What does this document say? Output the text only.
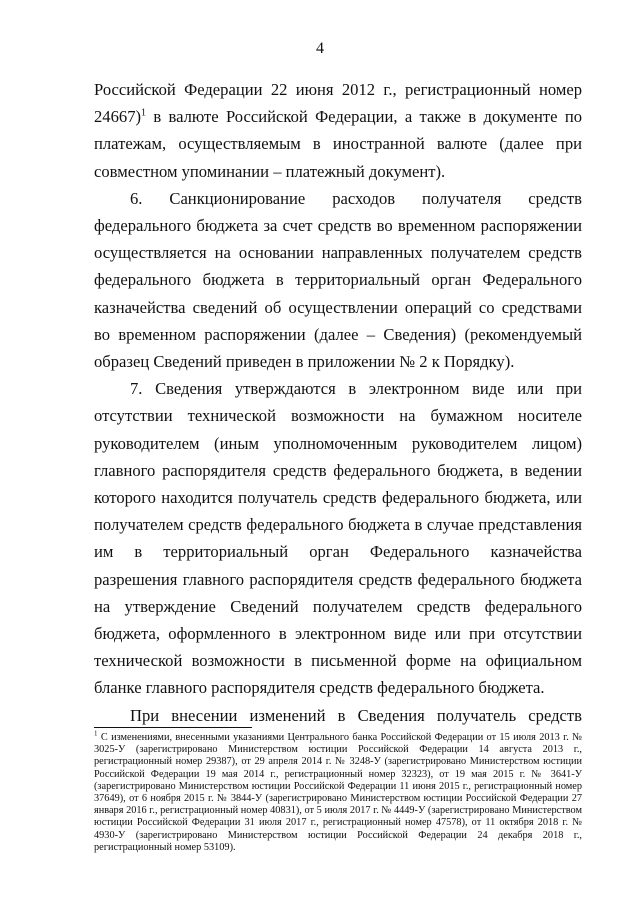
4

Российской Федерации 22 июня 2012 г., регистрационный номер 24667)$^1$ в валюте Российской Федерации, а также в документе по платежам, осуществляемым в иностранной валюте (далее при совместном упоминании – платежный документ).

6. Санкционирование расходов получателя средств федерального бюджета за счет средств во временном распоряжении осуществляется на основании направленных получателем средств федерального бюджета в территориальный орган Федерального казначейства сведений об осуществлении операций со средствами во временном распоряжении (далее – Сведения) (рекомендуемый образец Сведений приведен в приложении № 2 к Порядку).

7. Сведения утверждаются в электронном виде или при отсутствии технической возможности на бумажном носителе руководителем (иным уполномоченным руководителем лицом) главного распорядителя средств федерального бюджета, в ведении которого находится получатель средств федерального бюджета, или получателем средств федерального бюджета в случае представления им в территориальный орган Федерального казначейства разрешения главного распорядителя средств федерального бюджета на утверждение Сведений получателем средств федерального бюджета, оформленного в электронном виде или при отсутствии технической возможности в письменной форме на официальном бланке главного распорядителя средств федерального бюджета.

При внесении изменений в Сведения получатель средств

$^1$ С изменениями, внесенными указаниями Центрального банка Российской Федерации от 15 июля 2013 г. № 3025-У (зарегистрировано Министерством юстиции Российской Федерации 14 августа 2013 г., регистрационный номер 29387), от 29 апреля 2014 г. № 3248-У (зарегистрировано Министерством юстиции Российской Федерации 19 мая 2014 г., регистрационный номер 32323), от 19 мая 2015 г. № 3641-У (зарегистрировано Министерством юстиции Российской Федерации 11 июня 2015 г., регистрационный номер 37649), от 6 ноября 2015 г. № 3844-У (зарегистрировано Министерством юстиции Российской Федерации 27 января 2016 г., регистрационный номер 40831), от 5 июля 2017 г. № 4449-У (зарегистрировано Министерством юстиции Российской Федерации 31 июля 2017 г., регистрационный номер 47578), от 11 октября 2018 г. № 4930-У (зарегистрировано Министерством юстиции Российской Федерации 24 декабря 2018 г., регистрационный номер 53109).
